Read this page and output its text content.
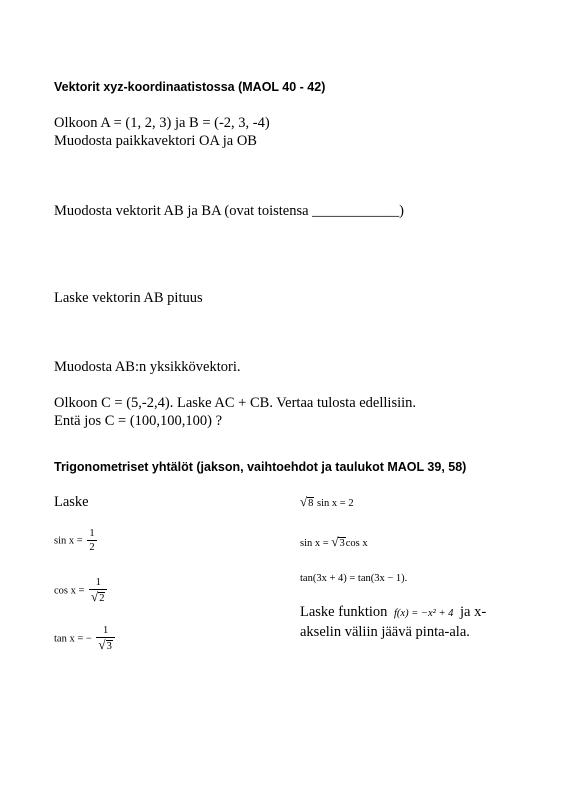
Vektorit xyz-koordinaatistossa (MAOL 40 - 42)
Olkoon A = (1, 2, 3) ja B = (-2, 3, -4)
Muodosta paikkavektori OA ja OB
Muodosta vektorit AB ja BA (ovat toistensa ____________)
Laske vektorin AB pituus
Muodosta AB:n yksikkövektori.
Olkoon C = (5,-2,4). Laske AC + CB. Vertaa tulosta edellisiin.
Entä jos C = (100,100,100) ?
Trigonometriset yhtälöt (jakson, vaihtoehdot ja taulukot MAOL 39, 58)
Laske
$\sin x = \frac{1}{2}$
$\cos x = \frac{1}{√2}$
tan x = − $\frac{1}{√3}$
√8 sin x = 2
sin x = √3cos x
tan(3x + 4) = tan(3x − 1).
Laske funktion f(x) = −x² + 4 ja x-
akselin väliin jäävä pinta-ala.
